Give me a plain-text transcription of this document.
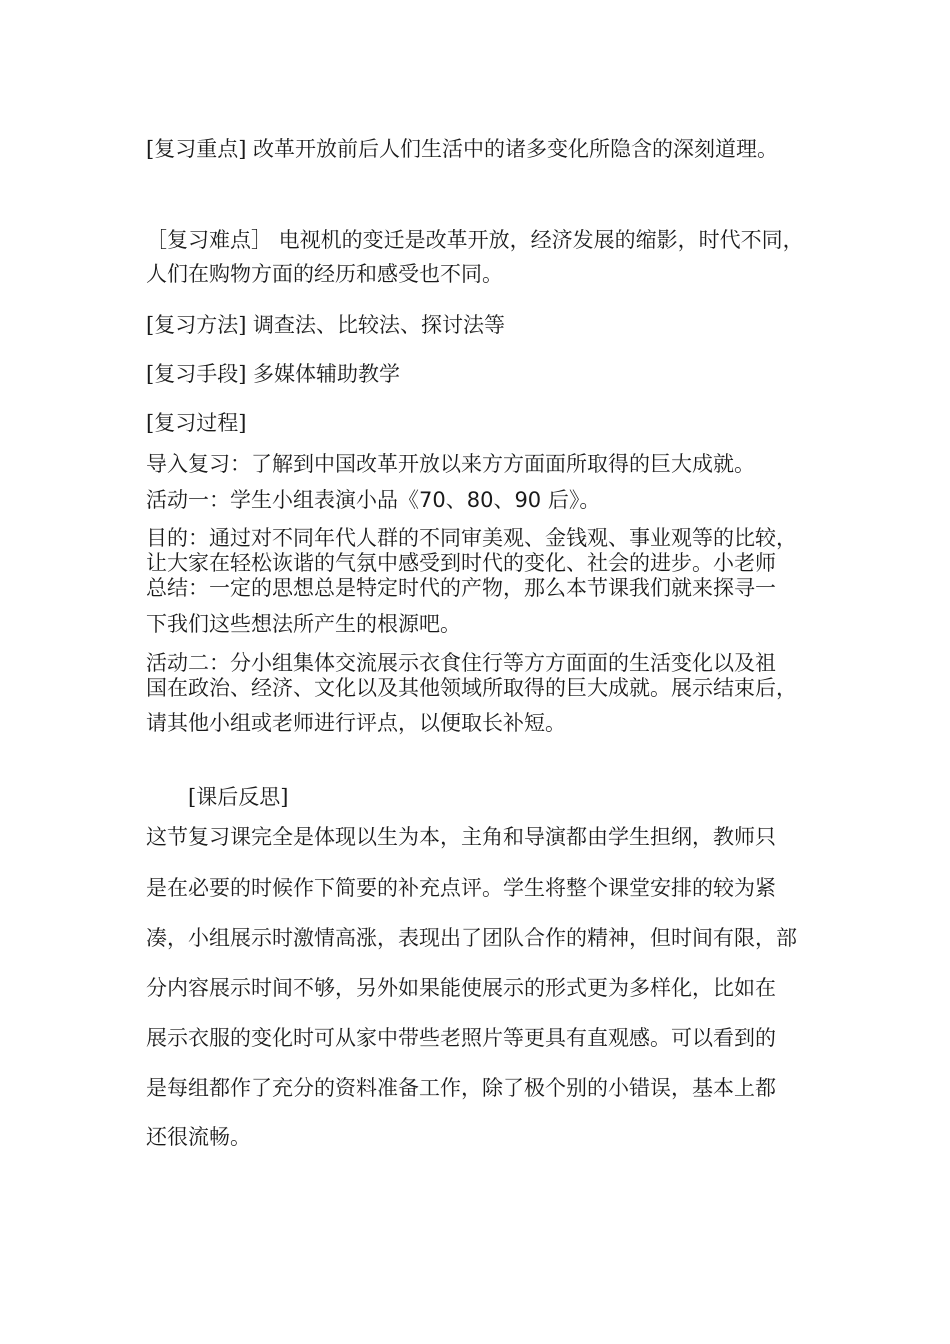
[复习重点] 改革开放前后人们生活中的诸多变化所隐含的深刻道理。
［复习难点］ 电视机的变迁是改革开放，经济发展的缩影，时代不同，
人们在购物方面的经历和感受也不同。
[复习方法] 调查法、比较法、探讨法等
[复习手段] 多媒体辅助教学
[复习过程]
导入复习：了解到中国改革开放以来方方面面所取得的巨大成就。
活动一：学生小组表演小品《70、80、90 后》。
目的：通过对不同年代人群的不同审美观、金钱观、事业观等的比较，
让大家在轻松诙谐的气氛中感受到时代的变化、社会的进步。小老师
总结：一定的思想总是特定时代的产物，那么本节课我们就来探寻一
下我们这些想法所产生的根源吧。
活动二：分小组集体交流展示衣食住行等方方面面的生活变化以及祖
国在政治、经济、文化以及其他领域所取得的巨大成就。展示结束后，
请其他小组或老师进行评点，以便取长补短。
[课后反思]
这节复习课完全是体现以生为本，主角和导演都由学生担纲，教师只
是在必要的时候作下简要的补充点评。学生将整个课堂安排的较为紧
凑，小组展示时激情高涨，表现出了团队合作的精神，但时间有限，部
分内容展示时间不够，另外如果能使展示的形式更为多样化，比如在
展示衣服的变化时可从家中带些老照片等更具有直观感。可以看到的
是每组都作了充分的资料准备工作，除了极个别的小错误，基本上都
还很流畅。
